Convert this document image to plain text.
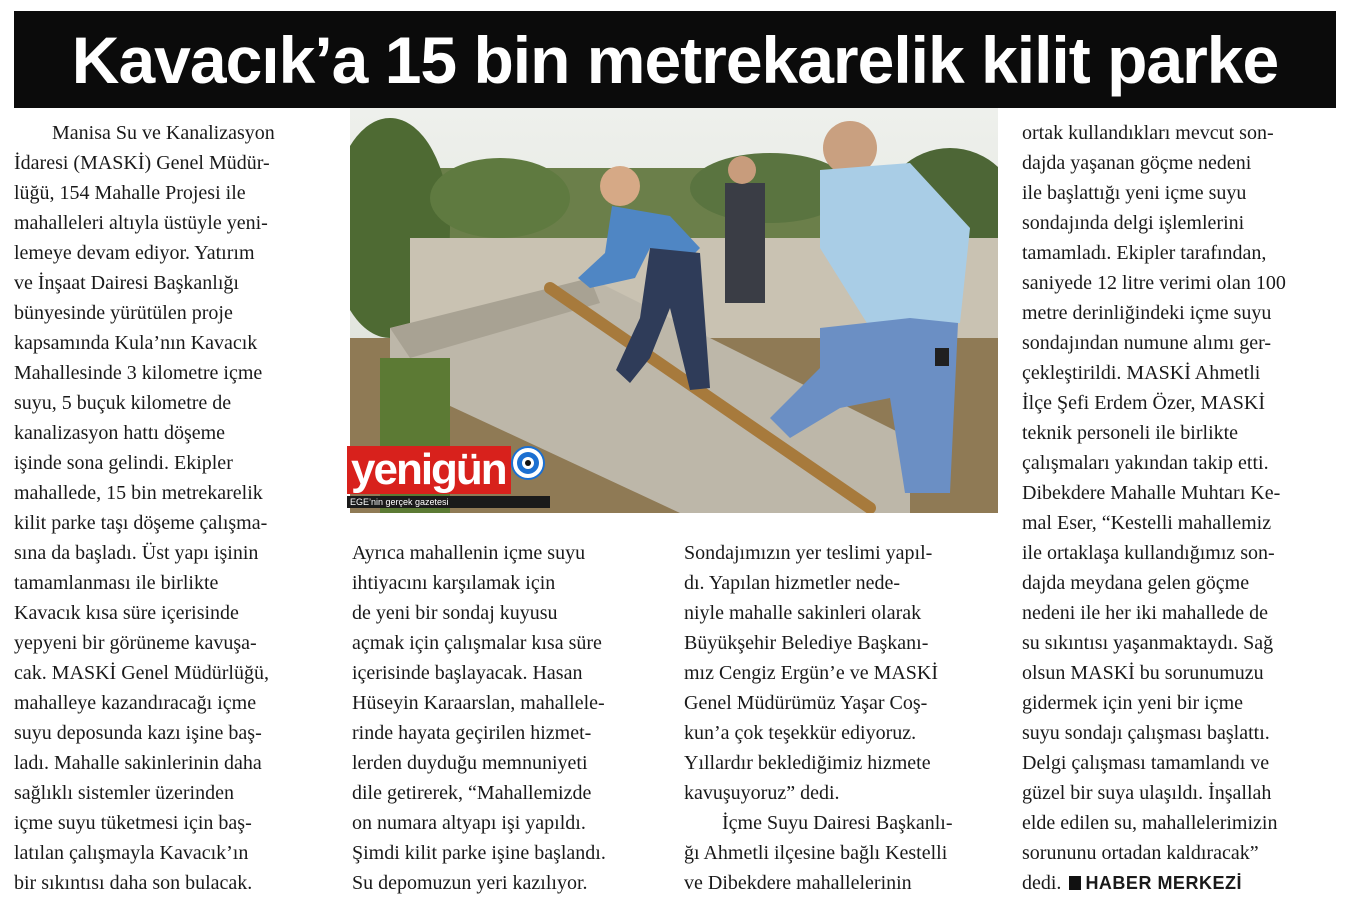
Kavacık’a 15 bin metrekarelik kilit parke
Manisa Su ve Kanalizasyon
İdaresi (MASKİ) Genel Müdür-
lüğü, 154 Mahalle Projesi ile
mahalleleri altıyla üstüyle yeni-
lemeye devam ediyor. Yatırım
ve İnşaat Dairesi Başkanlığı
bünyesinde yürütülen proje
kapsamında Kula’nın Kavacık
Mahallesinde 3 kilometre içme
suyu, 5 buçuk kilometre de
kanalizasyon hattı döşeme
işinde sona gelindi. Ekipler
mahallede, 15 bin metrekarelik
kilit parke taşı döşeme çalışma-
sına da başladı. Üst yapı işinin
tamamlanması ile birlikte
Kavacık kısa süre içerisinde
yepyeni bir görüneme kavuşa-
cak. MASKİ Genel Müdürlüğü,
mahalleye kazandıracağı içme
suyu deposunda kazı işine baş-
ladı. Mahalle sakinlerinin daha
sağlıklı sistemler üzerinden
içme suyu tüketmesi için baş-
latılan çalışmayla Kavacık’ın
bir sıkıntısı daha son bulacak.
yenigün
EGE’nin gerçek gazetesi
Ayrıca mahallenin içme suyu
ihtiyacını karşılamak için
de yeni bir sondaj kuyusu
açmak için çalışmalar kısa süre
içerisinde başlayacak. Hasan
Hüseyin Karaarslan, mahallele-
rinde hayata geçirilen hizmet-
lerden duyduğu memnuniyeti
dile getirerek, “Mahallemizde
on numara altyapı işi yapıldı.
Şimdi kilit parke işine başlandı.
Su depomuzun yeri kazılıyor.
Sondajımızın yer teslimi yapıl-
dı. Yapılan hizmetler nede-
niyle mahalle sakinleri olarak
Büyükşehir Belediye Başkanı-
mız Cengiz Ergün’e ve MASKİ
Genel Müdürümüz Yaşar Coş-
kun’a çok teşekkür ediyoruz.
Yıllardır beklediğimiz hizmete
kavuşuyoruz” dedi.
İçme Suyu Dairesi Başkanlı-
ğı Ahmetli ilçesine bağlı Kestelli
ve Dibekdere mahallelerinin
ortak kullandıkları mevcut son-
dajda yaşanan göçme nedeni
ile başlattığı yeni içme suyu
sondajında delgi işlemlerini
tamamladı. Ekipler tarafından,
saniyede 12 litre verimi olan 100
metre derinliğindeki içme suyu
sondajından numune alımı ger-
çekleştirildi. MASKİ Ahmetli
İlçe Şefi Erdem Özer, MASKİ
teknik personeli ile birlikte
çalışmaları yakından takip etti.
Dibekdere Mahalle Muhtarı Ke-
mal Eser, “Kestelli mahallemiz
ile ortaklaşa kullandığımız son-
dajda meydana gelen göçme
nedeni ile her iki mahallede de
su sıkıntısı yaşanmaktaydı. Sağ
olsun MASKİ bu sorunumuzu
gidermek için yeni bir içme
suyu sondajı çalışması başlattı.
Delgi çalışması tamamlandı ve
güzel bir suya ulaşıldı. İnşallah
elde edilen su, mahallelerimizin
sorununu ortadan kaldıracak”
dedi. HABER MERKEZİ
